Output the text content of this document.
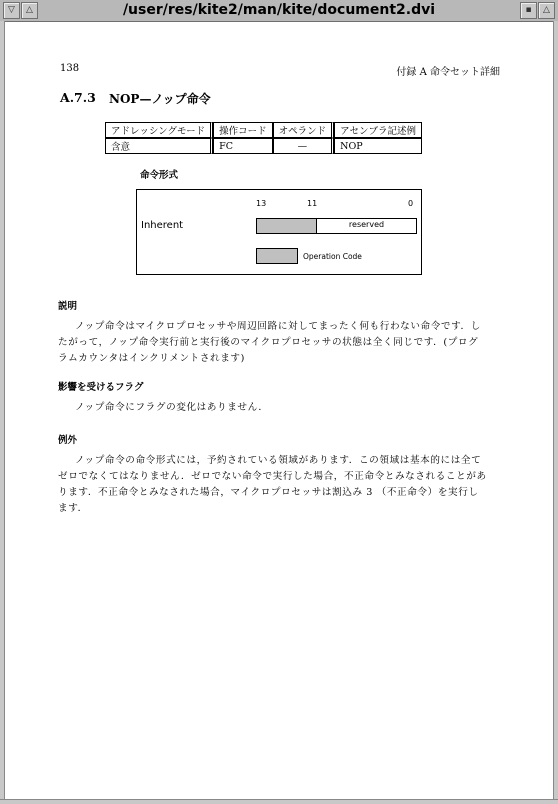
▽	△	/user/res/kite2/man/kite/document2.dvi	▪	△
138	付録 A 命令セット詳細
A.7.3 NOP—ノップ命令
アドレッシングモード	操作コード	オペランド	アセンブラ記述例
含意	FC	—	NOP
命令形式
13	11	0
Inherent	reserved
Operation Code
説明
ノップ命令はマイクロプロセッサや周辺回路に対してまったく何も行わない命令です．し
たがって，ノップ命令実行前と実行後のマイクロプロセッサの状態は全く同じです．(プログ
ラムカウンタはインクリメントされます)
影響を受けるフラグ
ノップ命令にフラグの変化はありません．
例外
ノップ命令の命令形式には，予約されている領域があります．この領域は基本的には全て
ゼロでなくてはなりません．ゼロでない命令で実行した場合，不正命令とみなされることがあ
ります．不正命令とみなされた場合，マイクロプロセッサは割込み 3 （不正命令）を実行し
ます．
